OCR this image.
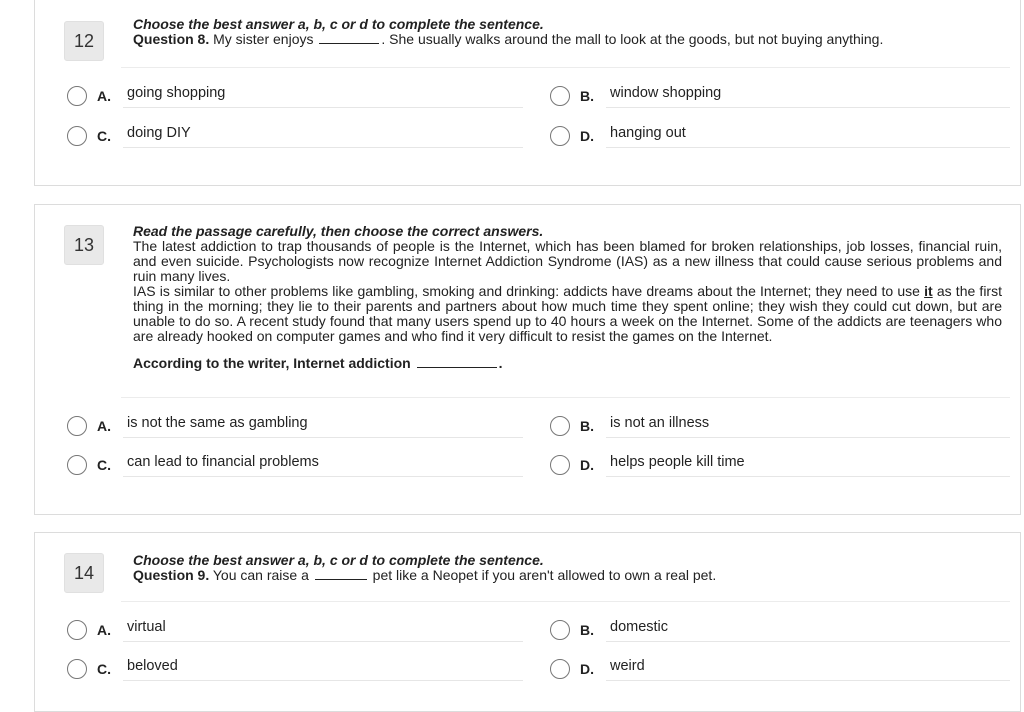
12
Choose the best answer a, b, c or d to complete the sentence.
Question 8. My sister enjoys	. She usually walks around the mall to look at the goods, but not buying anything.
A.	going shopping	B.	window shopping
C.	doing DIY	D.	hanging out
13
Read the passage carefully, then choose the correct answers.

The latest addiction to trap thousands of people is the Internet, which has been blamed for broken relationships, job losses, financial ruin, and even suicide. Psychologists now recognize Internet Addiction Syndrome (IAS) as a new illness that could cause serious problems and ruin many lives.

IAS is similar to other problems like gambling, smoking and drinking: addicts have dreams about the Internet; they need to use it as the first thing in the morning; they lie to their parents and partners about how much time they spent online; they wish they could cut down, but are unable to do so. A recent study found that many users spend up to 40 hours a week on the Internet. Some of the addicts are teenagers who are already hooked on computer games and who find it very difficult to resist the games on the Internet.

According to the writer, Internet addiction	.
A.	is not the same as gambling	B.	is not an illness
C.	can lead to financial problems	D.	helps people kill time
14
Choose the best answer a, b, c or d to complete the sentence.
Question 9. You can raise a	pet like a Neopet if you aren't allowed to own a real pet.
A.	virtual	B.	domestic
C.	beloved	D.	weird
